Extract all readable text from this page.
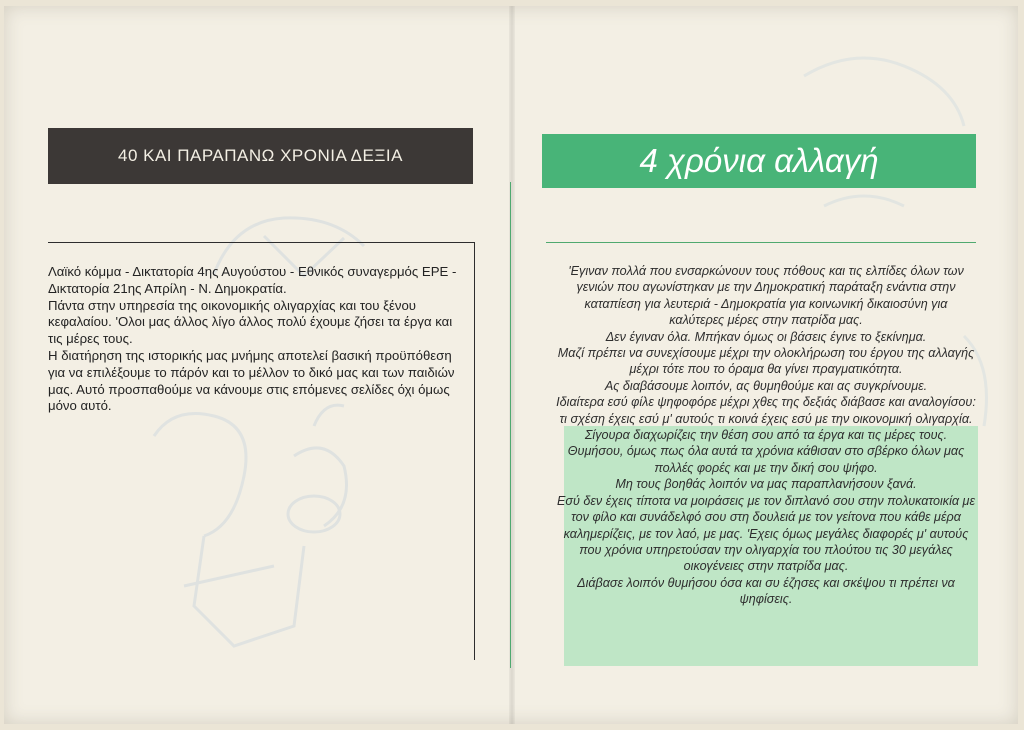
40 ΚΑΙ ΠΑΡΑΠΑΝΩ ΧΡΟΝΙΑ ΔΕΞΙΑ

Λαϊκό κόμμα - Δικτατορία 4ης Αυγούστου - Εθνικός συναγερμός ΕΡΕ - Δικτατορία 21ης Απρίλη - Ν. Δημοκρατία.

Πάντα στην υπηρεσία της οικονομικής ολιγαρχίας και του ξένου κεφαλαίου. 'Ολοι μας άλλος λίγο άλλος πολύ έχουμε ζήσει τα έργα και τις μέρες τους.

Η διατήρηση της ιστορικής μας μνήμης αποτελεί βασική προϋπόθεση για να επιλέξουμε το πάρόν και το μέλλον το δικό μας και των παιδιών μας. Αυτό προσπαθούμε να κάνουμε στις επόμενες σελίδες όχι όμως μόνο αυτό.

4 χρόνια αλλαγή

'Εγιναν πολλά που ενσαρκώνουν τους πόθους και τις ελπίδες όλων των γενιών που αγωνίστηκαν με την Δημοκρατική παράταξη ενάντια στην καταπίεση για λευτεριά - Δημοκρατία για κοινωνική δικαιοσύνη για καλύτερες μέρες στην πατρίδα μας.

Δεν έγιναν όλα. Μπήκαν όμως οι βάσεις έγινε το ξεκίνημα.

Μαζί πρέπει να συνεχίσουμε μέχρι την ολοκλήρωση του έργου της αλλαγής μέχρι τότε που το όραμα θα γίνει πραγματικότητα.

Ας διαβάσουμε λοιπόν, ας θυμηθούμε και ας συγκρίνουμε.

Ιδιαίτερα εσύ φίλε ψηφοφόρε μέχρι χθες της δεξιάς διάβασε και αναλογίσου: τι σχέση έχεις εσύ μ' αυτούς τι κοινά έχεις εσύ με την οικονομική ολιγαρχία. Σίγουρα διαχωρίζεις την θέση σου από τα έργα και τις μέρες τους. Θυμήσου, όμως πως όλα αυτά τα χρόνια κάθισαν στο σβέρκο όλων μας πολλές φορές και με την δική σου ψήφο.

Μη τους βοηθάς λοιπόν να μας παραπλανήσουν ξανά.

Εσύ δεν έχεις τίποτα να μοιράσεις με τον διπλανό σου στην πολυκατοικία με τον φίλο και συνάδελφό σου στη δουλειά με τον γείτονα που κάθε μέρα καλημερίζεις, με τον λαό, με μας. 'Εχεις όμως μεγάλες διαφορές μ' αυτούς που χρόνια υπηρετούσαν την ολιγαρχία του πλούτου τις 30 μεγάλες οικογένειες στην πατρίδα μας.

Διάβασε λοιπόν θυμήσου όσα και συ έζησες και σκέψου τι πρέπει να ψηφίσεις.
